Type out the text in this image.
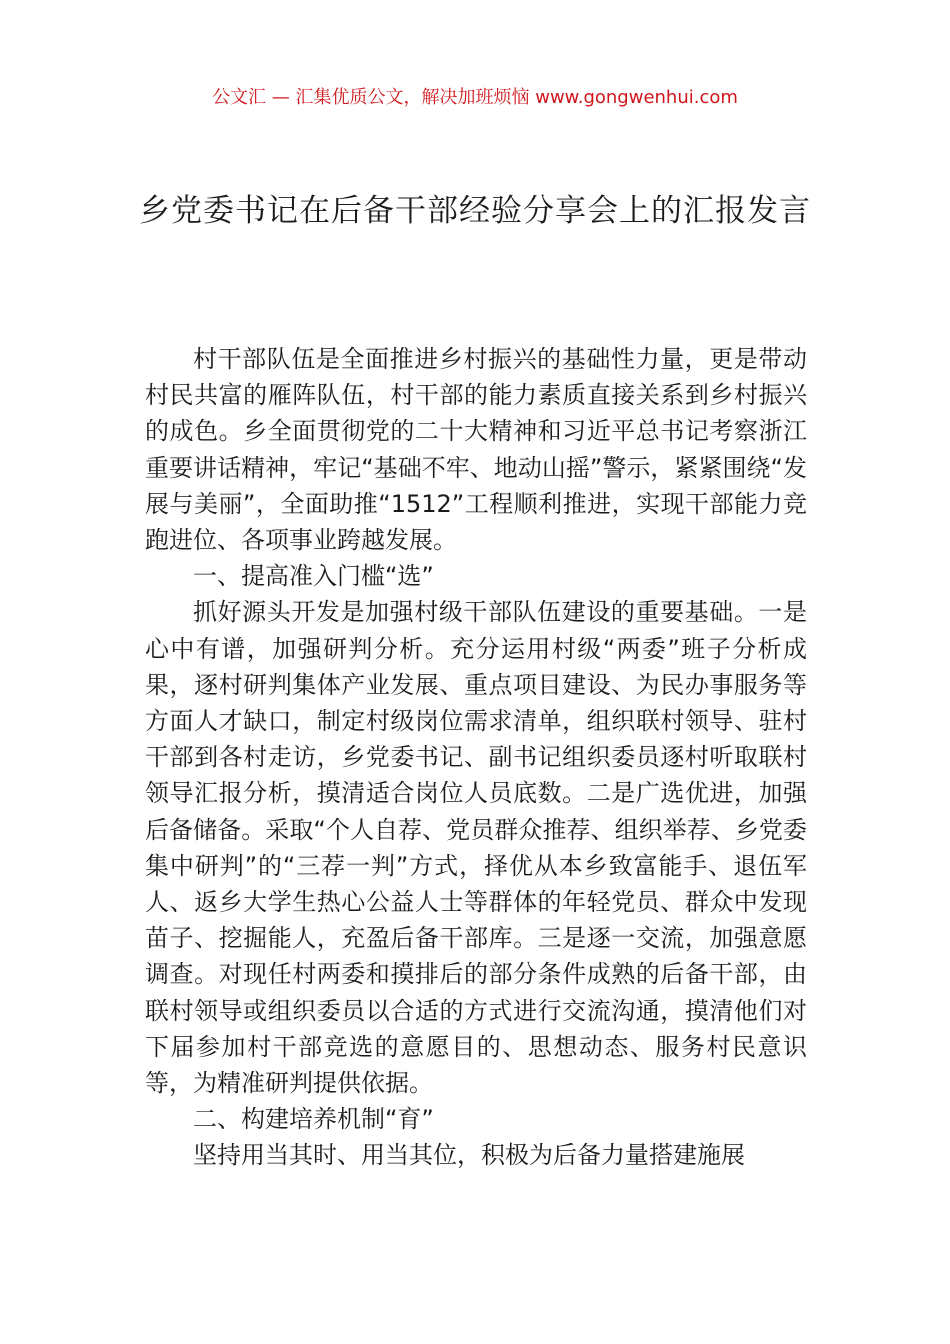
公文汇 — 汇集优质公文，解决加班烦恼 www.gongwenhui.com
乡党委书记在后备干部经验分享会上的汇报发言

村干部队伍是全面推进乡村振兴的基础性力量，更是带动村民共富的雁阵队伍，村干部的能力素质直接关系到乡村振兴的成色。乡全面贯彻党的二十大精神和习近平总书记考察浙江重要讲话精神，牢记“基础不牢、地动山摇”警示，紧紧围绕“发展与美丽”，全面助推“1512”工程顺利推进，实现干部能力竞跑进位、各项事业跨越发展。

一、提高准入门槛“选”

抓好源头开发是加强村级干部队伍建设的重要基础。一是心中有谱，加强研判分析。充分运用村级“两委”班子分析成果，逐村研判集体产业发展、重点项目建设、为民办事服务等方面人才缺口，制定村级岗位需求清单，组织联村领导、驻村干部到各村走访，乡党委书记、副书记组织委员逐村听取联村领导汇报分析，摸清适合岗位人员底数。二是广选优进，加强后备储备。采取“个人自荐、党员群众推荐、组织举荐、乡党委集中研判”的“三荐一判”方式，择优从本乡致富能手、退伍军人、返乡大学生热心公益人士等群体的年轻党员、群众中发现苗子、挖掘能人，充盈后备干部库。三是逐一交流，加强意愿调查。对现任村两委和摸排后的部分条件成熟的后备干部，由联村领导或组织委员以合适的方式进行交流沟通，摸清他们对下届参加村干部竞选的意愿目的、思想动态、服务村民意识等，为精准研判提供依据。

二、构建培养机制“育”

坚持用当其时、用当其位，积极为后备力量搭建施展
